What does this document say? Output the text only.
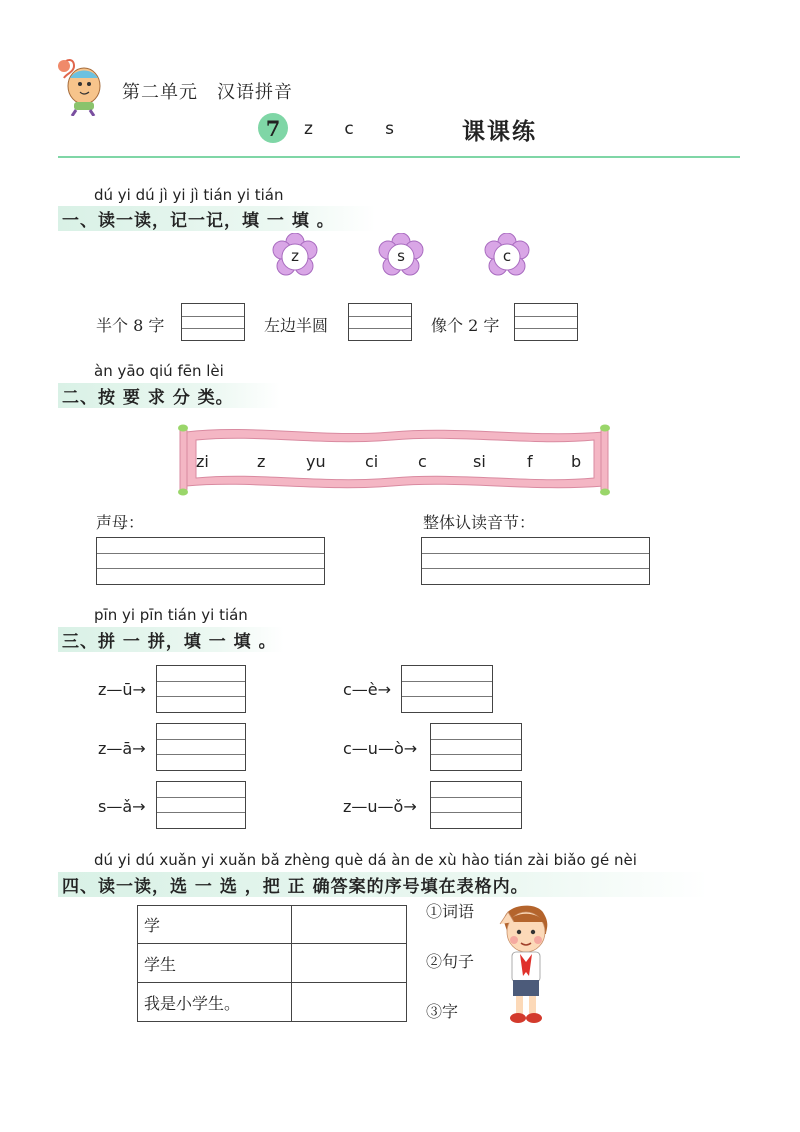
第二单元　汉语拼音
7	z c s	课课练
dú yi dú jì yi jì tián yi tián
一、读一读，记一记，填 一 填 。
z	s	c
半个 8 字	左边半圆	像个 2 字
àn yāo qiú fēn lèi
二、按 要 求 分 类。
zi	z	yu ci c	si	f b
声母：	整体认读音节：
pīn yi pīn tián yi tián
三、拼 一 拼，填 一 填 。
z—ū→
z—ā→
s—ǎ→
c—è→
c—u—ò→
z—u—ǒ→
dú yi dú xuǎn yi xuǎn bǎ zhèng què dá àn de xù hào tián zài biǎo gé nèi
四、读一读，选 一 选 ，把 正 确答案的序号填在表格内。
学	
学生	
我是小学生。	
①词语
②句子
③字
